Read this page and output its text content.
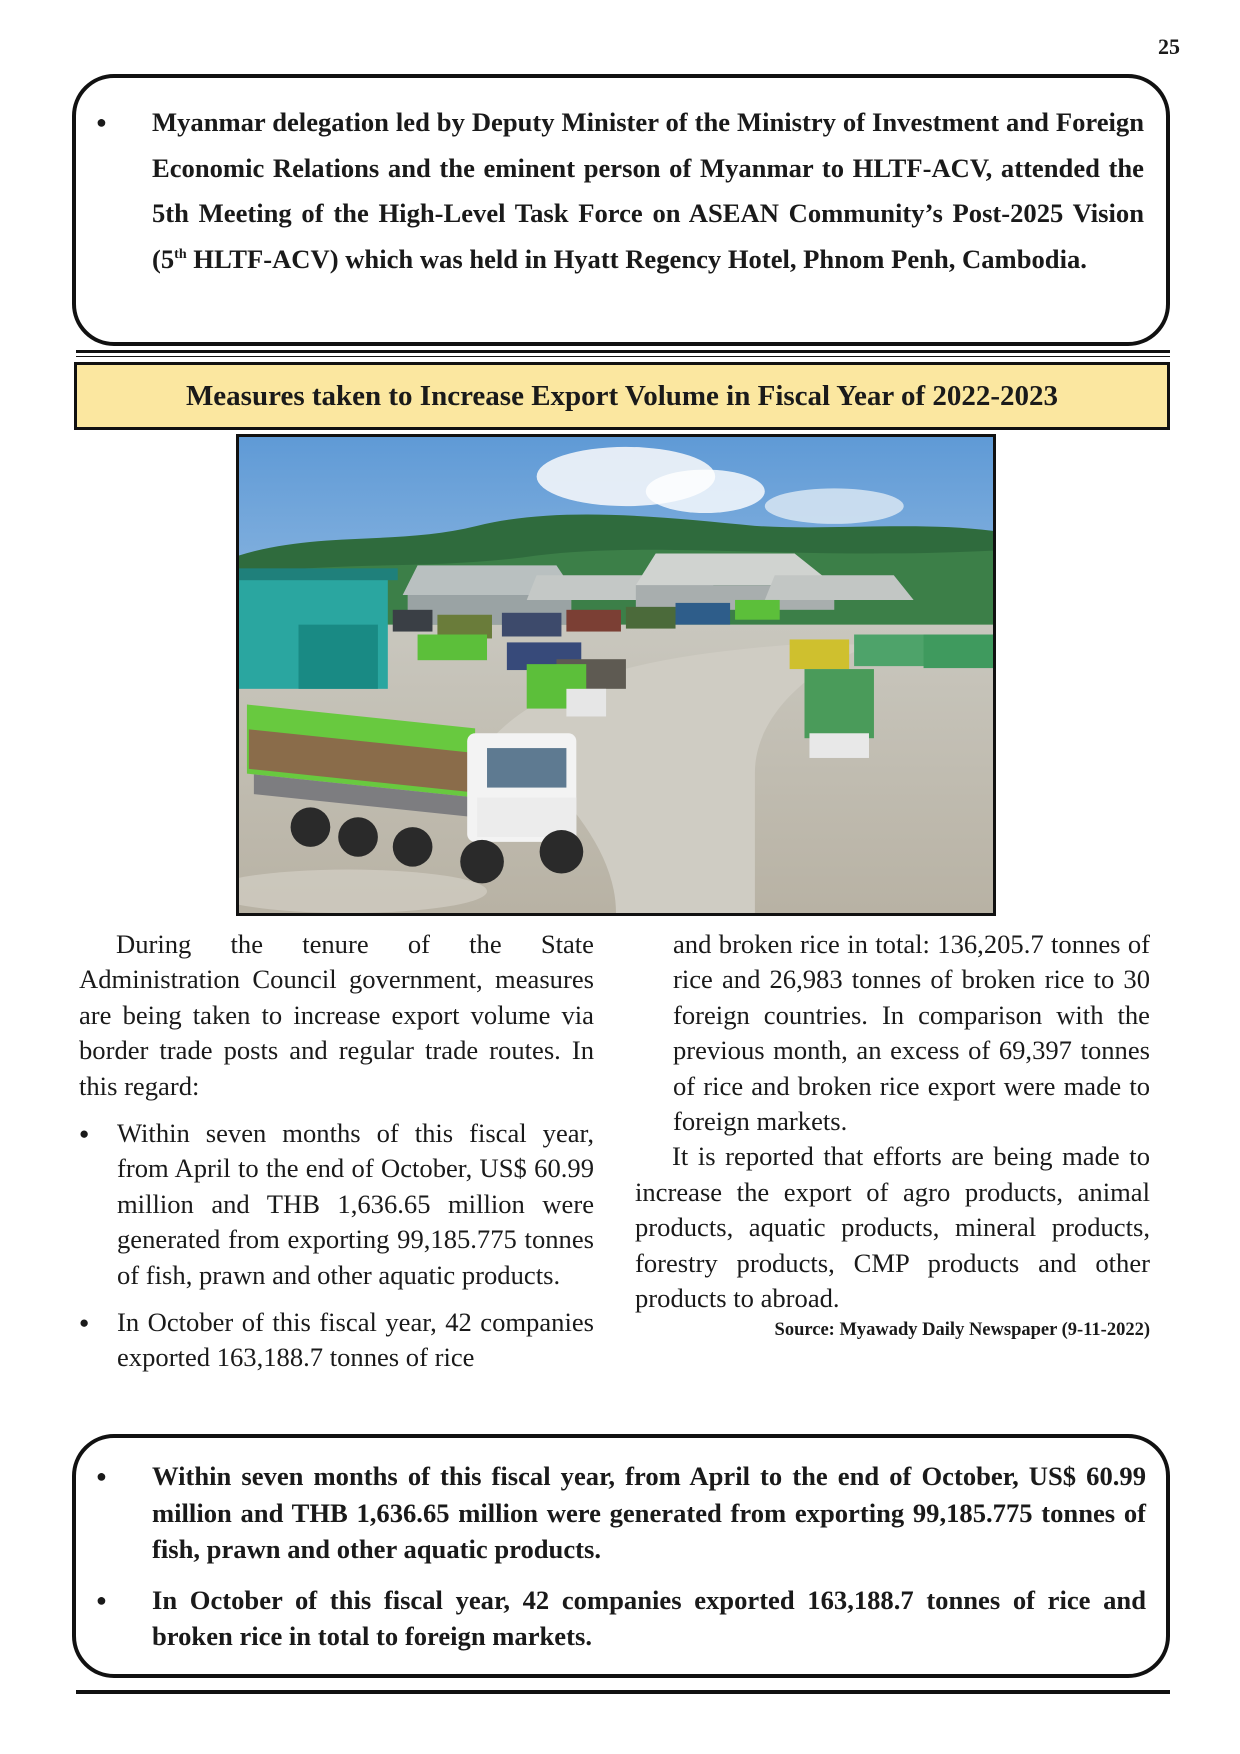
25
● Myanmar delegation led by Deputy Minister of the Ministry of Investment and Foreign Economic Relations and the eminent person of Myanmar to HLTF-ACV, attended the 5th Meeting of the High-Level Task Force on ASEAN Community’s Post-2025 Vision (5th HLTF-ACV) which was held in Hyatt Regency Hotel, Phnom Penh, Cambodia.
Measures taken to Increase Export Volume in Fiscal Year of 2022-2023

During the tenure of the State Administration Council government, measures are being taken to increase export volume via border trade posts and regular trade routes. In this regard:

● Within seven months of this fiscal year, from April to the end of October, US$ 60.99 million and THB 1,636.65 million were generated from exporting 99,185.775 tonnes of fish, prawn and other aquatic products.
● In October of this fiscal year, 42 companies exported 163,188.7 tonnes of rice

and broken rice in total: 136,205.7 tonnes of rice and 26,983 tonnes of broken rice to 30 foreign countries. In comparison with the previous month, an excess of 69,397 tonnes of rice and broken rice export were made to foreign markets.

It is reported that efforts are being made to increase the export of agro products, animal products, aquatic products, mineral products, forestry products, CMP products and other products to abroad.

Source: Myawady Daily Newspaper (9-11-2022)

● Within seven months of this fiscal year, from April to the end of October, US$ 60.99 million and THB 1,636.65 million were generated from exporting 99,185.775 tonnes of fish, prawn and other aquatic products.
● In October of this fiscal year, 42 companies exported 163,188.7 tonnes of rice and broken rice in total to foreign markets.
